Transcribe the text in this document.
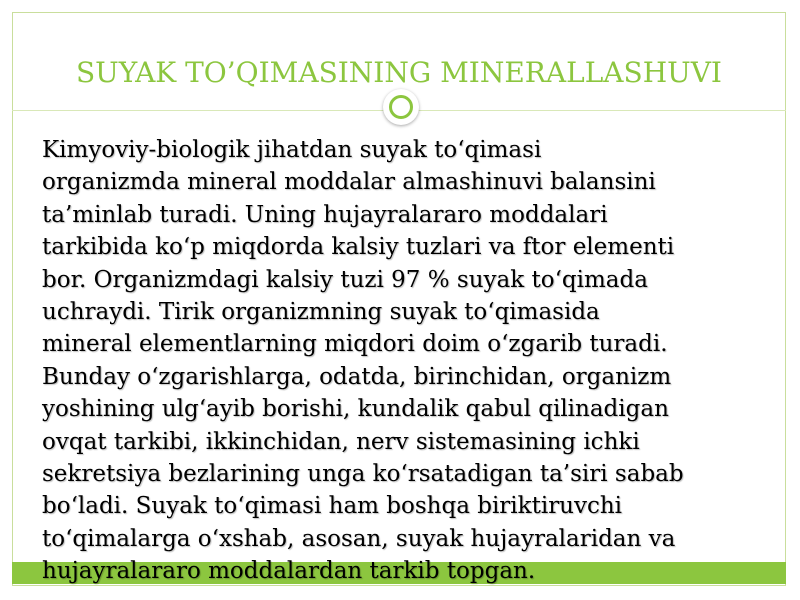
SUYAK TO’QIMASINING MINERALLASHUVI
Kimyoviy-biologik jihatdan suyak to‘qimasi
organizmda mineral moddalar almashinuvi balansini
ta’minlab turadi. Uning hujayralararo moddalari
tarkibida ko‘p miqdorda kalsiy tuzlari va ftor elementi
bor. Organizmdagi kalsiy tuzi 97 % suyak to‘qimada
uchraydi. Tirik organizmning suyak to‘qimasida
mineral elementlarning miqdori doim o‘zgarib turadi.
Bunday o‘zgarishlarga, odatda, birinchidan, organizm
yoshining ulg‘ayib borishi, kundalik qabul qilinadigan
ovqat tarkibi, ikkinchidan, nerv sistemasining ichki
sekretsiya bezlarining unga ko‘rsatadigan ta’siri sabab
bo‘ladi. Suyak to‘qimasi ham boshqa biriktiruvchi
to‘qimalarga o‘xshab, asosan, suyak hujayralaridan va
hujayralararo moddalardan tarkib topgan.
